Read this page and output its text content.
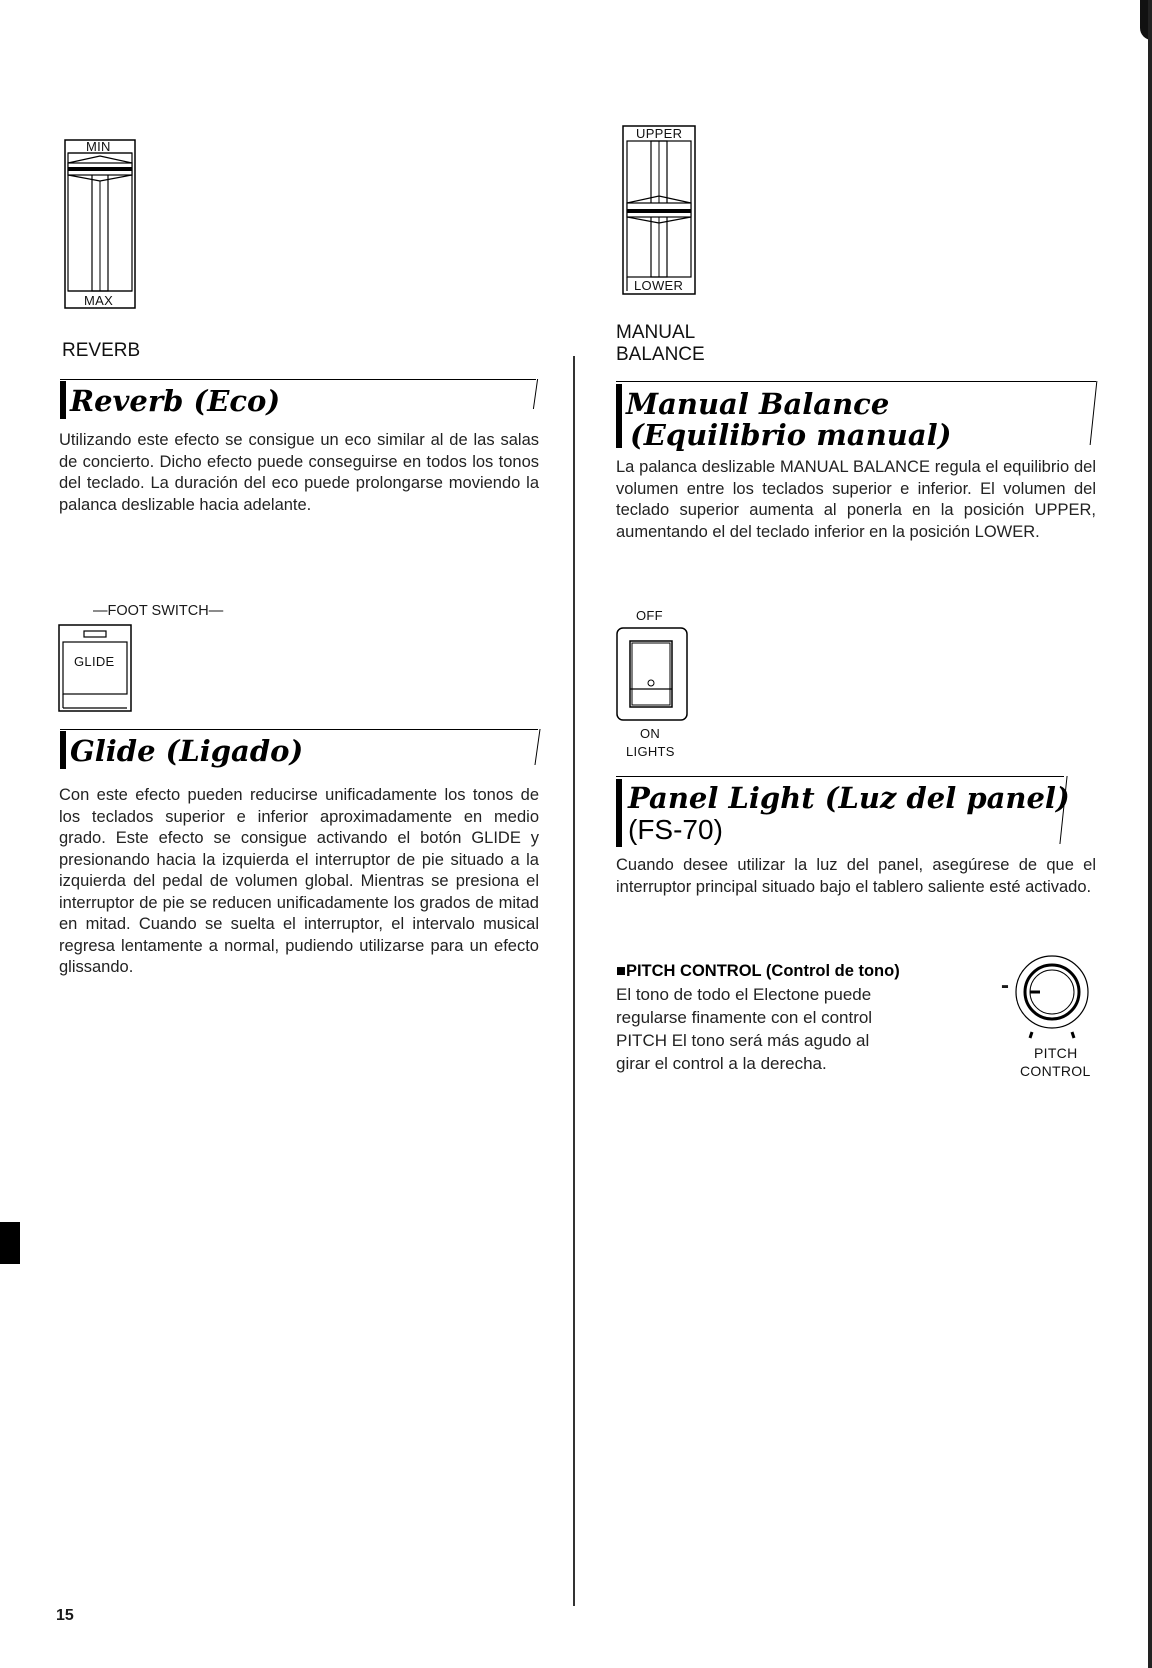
MIN
MAX
REVERB
Reverb (Eco)
Utilizando este efecto se consigue un eco similar al de las salas de concierto. Dicho efecto puede conseguirse en todos los tonos del teclado. La duración del eco puede prolongarse moviendo la palanca deslizable hacia adelante.
—FOOT SWITCH—
GLIDE
Glide (Ligado)
Con este efecto pueden reducirse unificadamente los tonos de los teclados superior e inferior aproximadamente en medio grado. Este efecto se consigue activando el botón GLIDE y presionando hacia la izquierda el interruptor de pie situado a la izquierda del pedal de volumen global. Mientras se presiona el interruptor de pie se reducen unificadamente los grados de mitad en mitad. Cuando se suelta el interruptor, el intervalo musical regresa lentamente a normal, pudiendo utilizarse para un efecto glissando.
15
UPPER
LOWER
MANUAL
BALANCE
Manual Balance
(Equilibrio manual)
La palanca deslizable MANUAL BALANCE regula el equilibrio del volumen entre los teclados superior e inferior. El volumen del teclado superior aumenta al ponerla en la posición UPPER, aumentando el del teclado inferior en la posición LOWER.
OFF
ON
LIGHTS
Panel Light (Luz del panel)
(FS-70)
Cuando desee utilizar la luz del panel, asegúrese de que el interruptor principal situado bajo el tablero saliente esté activado.
■PITCH CONTROL (Control de tono)
El tono de todo el Electone puede
regularse finamente con el control
PITCH El tono será más agudo al
girar el control a la derecha.
-
PITCH
CONTROL
